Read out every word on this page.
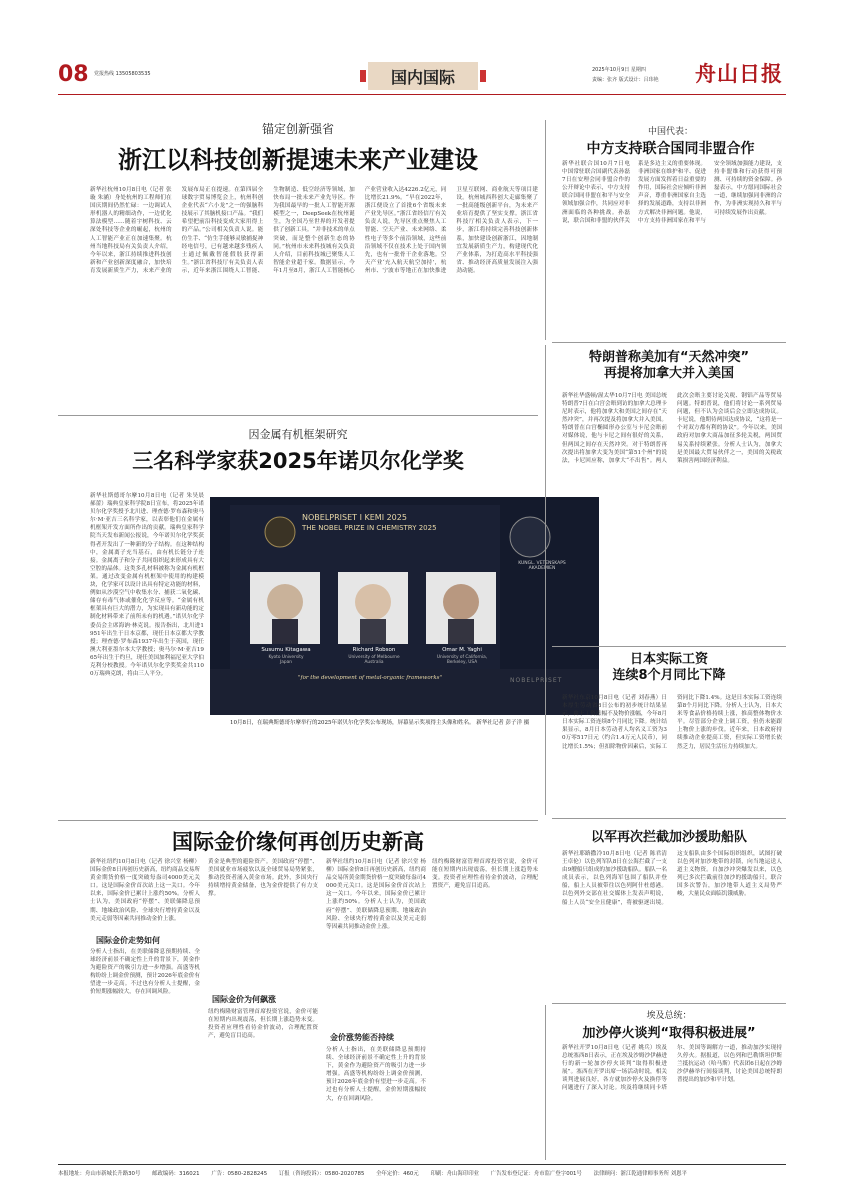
08 党报热线 13505803535	国内国际	2025年10月9日 星期四
责编：张齐 版式设计：吕玮艳 舟山日报
锚定创新强省
浙江以科技创新提速未来产业建设
新华社杭州10月8日电（记者 张璇 朱涵）身处杭州的工程师们在国庆期间仍然忙碌：一边调试人形机器人的精细动作，一边优化算法模型……随着宇树科技、云深处科技等企业的崛起，杭州的人工智能产业正在加速集聚。杭州当地科技局有关负责人介绍，今年以来，浙江持续推进科技创新和产业创新深度融合，加快培育发展新质生产力，未来产业的发展布局正在提速。在第四届全球数字贸易博览会上，杭州科创企业代表“六小龙”之一的强脑科技展示了其脑机接口产品。“我们希望把前沿科技变成大家用得上的产品。”公司相关负责人说。能仿生手、“仿生手能够灵敏捕捉神经电信号，已有越来越多残疾人士通过佩戴智能假肢获得新生。”浙江省科技厅有关负责人表示，近年来浙江围绕人工智能、生物制造、低空经济等领域，加快布局一批未来产业先导区。作为我国最早的一批人工智能开源模型之一，DeepSeek在杭州诞生，为全国乃至世界的开发者提供了创新工具。“并非技术的单点突破，而是整个创新生态的协同。”杭州市未来科技城有关负责人介绍，目前科技城已聚集人工智能企业超千家。数据显示，今年1月至8月，浙江人工智能核心产业营业收入达4226.2亿元，同比增长21.9%。“早在2022年，浙江便设立了首批6个省级未来产业先导区。”浙江省经信厅有关负责人说，先导区重点聚焦人工智能、空天产业、未来网络、柔性电子等多个前沿领域，这些前沿领域不仅在技术上处于国内领先，也有一批骨干企业落地。空天产业‘充入航天航空加持’，杭州市、宁波市等地正在加快推进卫星互联网、商业航天等项目建设。杭州城西科创大走廊集聚了一批高能级创新平台，为未来产业培育提供了坚实支撑。浙江省科技厅相关负责人表示，下一步，浙江将持续完善科技创新体系，加快建设创新浙江，因地制宜发展新质生产力，构建现代化产业体系，为打造高水平科技强省、推动经济高质量发展注入强劲动能。
中国代表：
中方支持联合国同非盟合作
新华社联合国10月7日电 中国常驻联合国副代表孙磊7日在安理会同非盟合作的公开辩论中表示，中方支持联合国同非盟在和平与安全领域加强合作，共同应对非洲面临的各种挑战。孙磊说，联合国和非盟的伙伴关系是多边主义的重要体现。非洲国家在维护和平、促进发展方面发挥着日益重要的作用，国际社会应倾听非洲声音，尊重非洲国家自主选择的发展道路，支持以非洲方式解决非洲问题。他说，中方支持非洲国家在和平与安全领域加强能力建设，支持非盟维和行动获得可预测、可持续的资金保障。孙磊表示，中方愿同国际社会一道，继续加强同非洲的合作，为非洲实现持久和平与可持续发展作出贡献。
因金属有机框架研究
三名科学家获2025年诺贝尔化学奖
新华社斯德哥尔摩10月8日电（记者 朱昊晨 郝蕾）瑞典皇家科学院8日宣布，将2025年诺贝尔化学奖授予北川进、理查德·罗布森和奥马尔·M·亚吉三名科学家，以表彰他们在金属有机框架开发方面所作出的贡献。瑞典皇家科学院当天发布新闻公报说，今年诺贝尔化学奖获得者开发出了一种新的分子结构。在这种结构中，金属离子充当基石，由有机长链分子连接。金属离子和分子共同组织起来形成具有大空腔的晶体。这类多孔材料被称为金属有机框架。通过改变金属有机框架中使用的构建模块，化学家可以设计出具有特定功能的材料，例如从沙漠空气中收集水分、捕获二氧化碳、储存有毒气体或催化化学反应等。“金属有机框架具有巨大的潜力，为实现具有新功能的定制化材料带来了前所未有的机遇。”诺贝尔化学委员会主席海讷·林克说。报告指出，北川进1951年出生于日本京都，现任日本京都大学教授；理查德·罗布森1937年出生于英国，现任澳大利亚墨尔本大学教授；奥马尔·M·亚吉1965年出生于约旦，现任美国加利福尼亚大学伯克利分校教授。今年诺贝尔化学奖奖金共1100万瑞典克朗，将由三人平分。
NOBELPRISET I KEMI 2025
THE NOBEL PRIZE IN CHEMISTRY 2025
KUNGL. VETENSKAPS AKADEMIEN
Susumu Kitagawa
Kyoto University
Japan
Richard Robson
University of Melbourne
Australia
Omar M. Yaghi
University of California,
Berkeley, USA
"for the development of metal-organic frameworks"	NOBELPRISET
10月8日，在瑞典斯德哥尔摩举行的2025年诺贝尔化学奖公布现场，屏幕显示奖项得主头像和姓名。 新华社记者 彭子洋 摄
特朗普称美加有“天然冲突”
再提将加拿大并入美国
新华社华盛顿/渥太华10月7日电 美国总统特朗普7日在白宫会晤到访的加拿大总理卡尼时表示，他将加拿大和美国之间存在“天然冲突”，并再次提及将加拿大并入美国。特朗普在白宫椭圆形办公室与卡尼会晤前对媒体说，他与卡尼之间有很好的关系，但两国之间存在天然冲突。对于特朗普再次提出将加拿大变为美国“第51个州”的说法，卡尼回应称，加拿大“不出售”。两人此次会晤主要讨论关税、钢铝产品等贸易问题。特朗普说，他们将讨论一系列贸易问题，但不认为会谈后会立即达成协议。卡尼说，他期待两国达成协议，“这将是一个对双方都有利的协议”。今年以来，美国政府对加拿大商品加征多轮关税，两国贸易关系持续紧张。分析人士认为，加拿大是美国最大贸易伙伴之一，美国的关税政策损害两国经济利益。
日本实际工资
连续8个月同比下降
新华社东京10月8日电（记者 刘春燕）日本厚生劳动省8日公布的初步统计结果显示，由于工资涨幅不及物价涨幅，今年8月日本实际工资连续8个月同比下降。统计结果显示，8月日本劳动者人均名义工资为30万零517日元（约合1.4万元人民币），同比增长1.5%；但扣除物价因素后，实际工资同比下降1.4%。这是日本实际工资连续第8个月同比下降。分析人士认为，日本大米等食品价格持续上涨，推高整体物价水平。尽管部分企业上调工资，但仍未能跟上物价上涨的步伐。近年来，日本政府持续推动企业提高工资，但实际工资增长依然乏力，居民生活压力持续加大。
以军再次拦截加沙援助船队
新华社耶路撒冷10月8日电（记者 陈君清 王卓伦）以色列军队8日在公海拦截了一支由9艘船只组成的加沙援助船队。船队一名成员表示，以色列海军包围了船队并登船，船上人员被带往以色列阿什杜德港。以色列外交部在社交媒体上发表声明说，船上人员“安全且健康”，将被驱逐出境。这支船队由多个国际组织组织，试图打破以色列对加沙地带的封锁，向当地运送人道主义物资。自加沙冲突爆发以来，以色列已多次拦截前往加沙的援助船只。联合国多次警告，加沙地带人道主义局势严峻，大量民众面临饥饿威胁。
国际金价缘何再创历史新高
新华社纽约10月8日电（记者 徐兴堂 杨柳）国际金价8日再创历史新高，纽约商品交易所黄金期货价格一度突破每盎司4000美元关口。这是国际金价首次站上这一关口。今年以来，国际金价已累计上涨约50%。分析人士认为，美国政府“停摆”、美联储降息预期、地缘政治风险、全球央行增持黄金以及美元走弱等因素共同推动金价上涨。
国际金价走势如何
分析人士指出，在美联储降息预期持续、全球经济前景不确定性上升的背景下，黄金作为避险资产的吸引力进一步增强。高盛等机构纷纷上调金价预测，预计2026年底金价有望进一步走高。不过也有分析人士提醒，金价短期涨幅较大，存在回调风险。
黄金是典型的避险资产。美国政府“停摆”、美国就业市场疲软以及全球贸易局势紧张，推动投资者涌入黄金市场。此外，多国央行持续增持黄金储备，也为金价提供了有力支撑。
国际金价为何飙涨
纽约梅隆财富管理首席投资官说，金价可能在短期内出现震荡，但长期上涨趋势未变。投资者应理性看待金价波动，合理配置资产，避免盲目追高。
新华社纽约10月8日电（记者 徐兴堂 杨柳）国际金价8日再创历史新高，纽约商品交易所黄金期货价格一度突破每盎司4000美元关口。这是国际金价首次站上这一关口。今年以来，国际金价已累计上涨约50%。分析人士认为，美国政府“停摆”、美联储降息预期、地缘政治风险、全球央行增持黄金以及美元走弱等因素共同推动金价上涨。
金价涨势能否持续
分析人士指出，在美联储降息预期持续、全球经济前景不确定性上升的背景下，黄金作为避险资产的吸引力进一步增强。高盛等机构纷纷上调金价预测，预计2026年底金价有望进一步走高。不过也有分析人士提醒，金价短期涨幅较大，存在回调风险。
纽约梅隆财富管理首席投资官说，金价可能在短期内出现震荡，但长期上涨趋势未变。投资者应理性看待金价波动，合理配置资产，避免盲目追高。
埃及总统：
加沙停火谈判“取得积极进展”
新华社开罗10月8日电（记者 姚兵）埃及总统塞西8日表示，正在埃及沙姆沙伊赫进行的新一轮加沙停火谈判“取得积极进展”。塞西在开罗出席一场活动时说，相关谈判进展良好，各方就加沙停火及换俘等问题进行了深入讨论。埃及将继续同卡塔尔、美国等调解方一道，推动加沙实现持久停火。据报道，以色列和巴勒斯坦伊斯兰抵抗运动（哈马斯）代表团6日起在沙姆沙伊赫举行间接谈判，讨论美国总统特朗普提出的加沙和平计划。
本报地址：舟山市新城长升路30号 邮政编码：316021 广告：0580-2828245 订报（咨询投诉）：0580-2020785 全年定价：460元 印刷：舟山海印印业 广告发布登记证：舟市监广登字001号 法律顾问：浙江乾通律师事务所 刘恩平
